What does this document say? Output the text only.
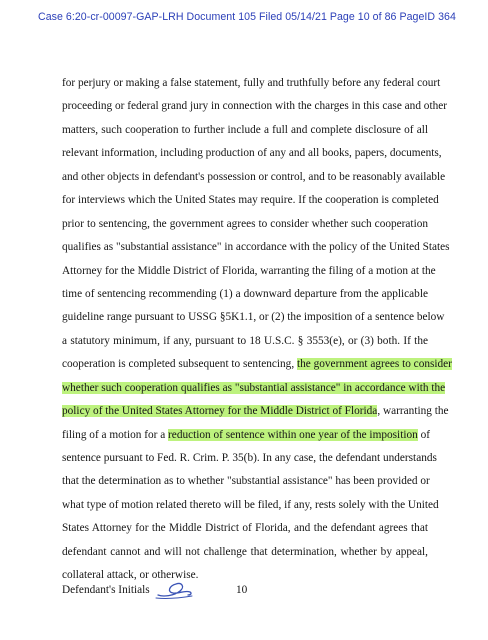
Case 6:20-cr-00097-GAP-LRH Document 105 Filed 05/14/21 Page 10 of 86 PageID 364
for perjury or making a false statement, fully and truthfully before any federal court
proceeding or federal grand jury in connection with the charges in this case and other
matters, such cooperation to further include a full and complete disclosure of all
relevant information, including production of any and all books, papers, documents,
and other objects in defendant's possession or control, and to be reasonably available
for interviews which the United States may require. If the cooperation is completed
prior to sentencing, the government agrees to consider whether such cooperation
qualifies as "substantial assistance" in accordance with the policy of the United States
Attorney for the Middle District of Florida, warranting the filing of a motion at the
time of sentencing recommending (1) a downward departure from the applicable
guideline range pursuant to USSG §5K1.1, or (2) the imposition of a sentence below
a statutory minimum, if any, pursuant to 18 U.S.C. § 3553(e), or (3) both. If the
cooperation is completed subsequent to sentencing, the government agrees to consider
whether such cooperation qualifies as "substantial assistance" in accordance with the
policy of the United States Attorney for the Middle District of Florida, warranting the
filing of a motion for a reduction of sentence within one year of the imposition of
sentence pursuant to Fed. R. Crim. P. 35(b). In any case, the defendant understands
that the determination as to whether "substantial assistance" has been provided or
what type of motion related thereto will be filed, if any, rests solely with the United
States Attorney for the Middle District of Florida, and the defendant agrees that
defendant cannot and will not challenge that determination, whether by appeal,
collateral attack, or otherwise.
Defendant's Initials	10
